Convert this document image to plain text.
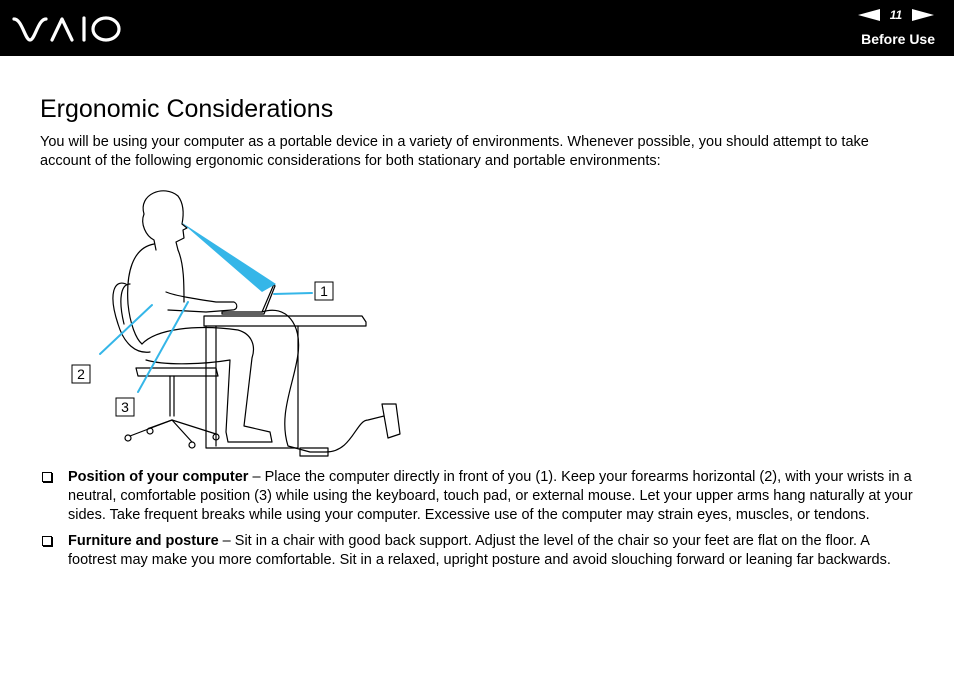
11
Before Use
Ergonomic Considerations

You will be using your computer as a portable device in a variety of environments. Whenever possible, you should attempt to take account of the following ergonomic considerations for both stationary and portable environments:

1
2
3
Position of your computer – Place the computer directly in front of you (1). Keep your forearms horizontal (2), with your wrists in a neutral, comfortable position (3) while using the keyboard, touch pad, or external mouse. Let your upper arms hang naturally at your sides. Take frequent breaks while using your computer. Excessive use of the computer may strain eyes, muscles, or tendons.
Furniture and posture – Sit in a chair with good back support. Adjust the level of the chair so your feet are flat on the floor. A footrest may make you more comfortable. Sit in a relaxed, upright posture and avoid slouching forward or leaning far backwards.
